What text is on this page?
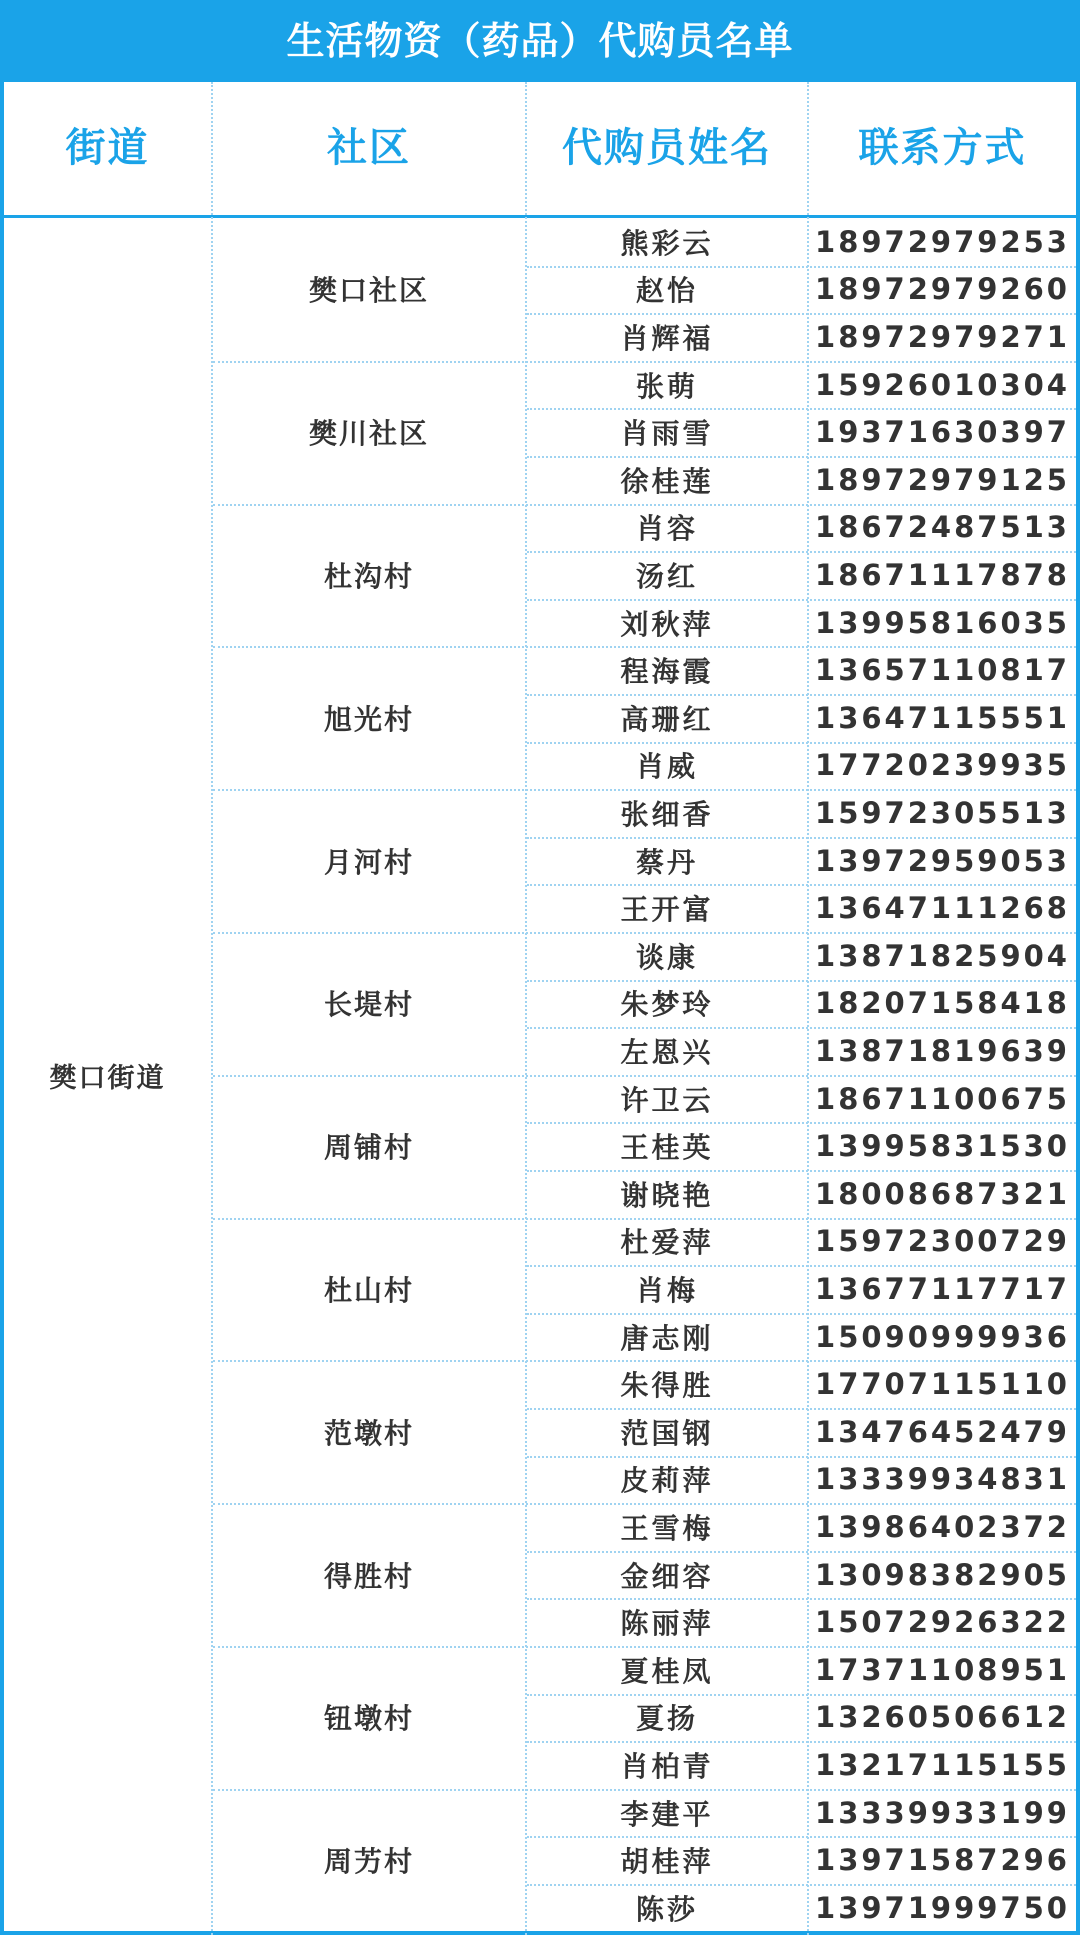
生活物资（药品）代购员名单
街道	社区	代购员姓名	联系方式
樊口街道
樊口社区
熊彩云	18972979253
赵怡	18972979260
肖辉福	18972979271
樊川社区
张萌	15926010304
肖雨雪	19371630397
徐桂莲	18972979125
杜沟村
肖容	18672487513
汤红	18671117878
刘秋萍	13995816035
旭光村
程海霞	13657110817
高珊红	13647115551
肖威	17720239935
月河村
张细香	15972305513
蔡丹	13972959053
王开富	13647111268
长堤村
谈康	13871825904
朱梦玲	18207158418
左恩兴	13871819639
周铺村
许卫云	18671100675
王桂英	13995831530
谢晓艳	18008687321
杜山村
杜爱萍	15972300729
肖梅	13677117717
唐志刚	15090999936
范墩村
朱得胜	17707115110
范国钢	13476452479
皮莉萍	13339934831
得胜村
王雪梅	13986402372
金细容	13098382905
陈丽萍	15072926322
钮墩村
夏桂凤	17371108951
夏扬	13260506612
肖柏青	13217115155
周艻村
李建平	13339933199
胡桂萍	13971587296
陈莎	13971999750
